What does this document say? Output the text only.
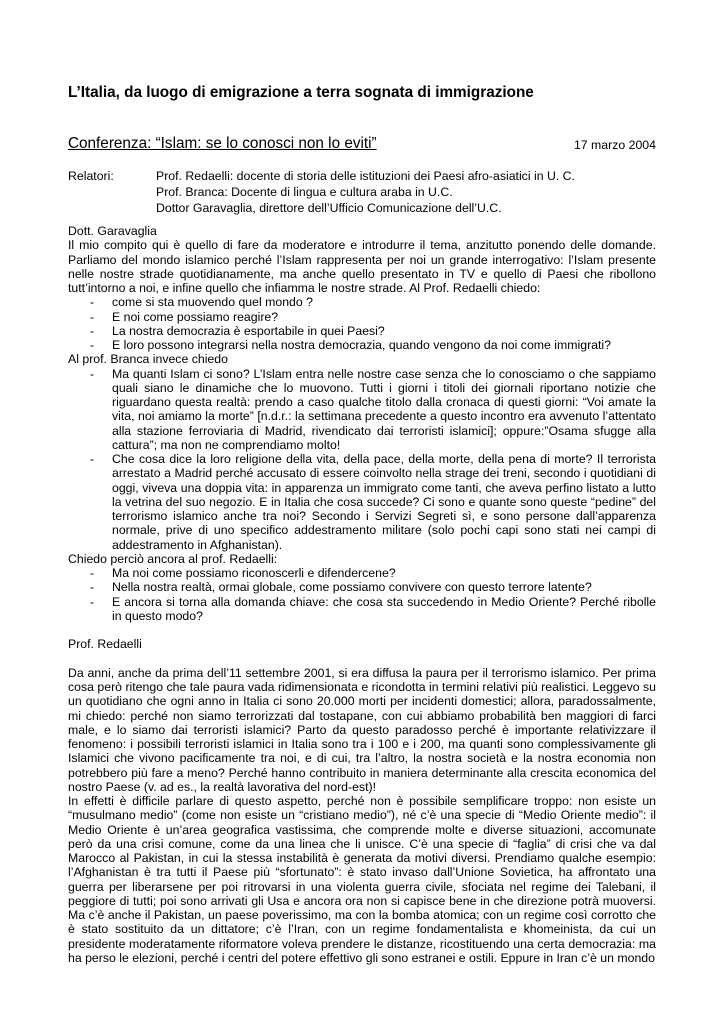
L’Italia, da luogo di emigrazione a terra sognata di immigrazione
Conferenza: “Islam: se lo conosci non lo eviti”	17 marzo 2004
Relatori:	Prof. Redaelli: docente di storia delle istituzioni dei Paesi afro-asiatici in U. C.
Prof. Branca: Docente di lingua e cultura araba in U.C.
Dottor Garavaglia, direttore dell’Ufficio Comunicazione dell’U.C.

Dott. Garavaglia

Il mio compito qui è quello di fare da moderatore e introdurre il tema, anzitutto ponendo delle domande. Parliamo del mondo islamico perché l’Islam rappresenta per noi un grande interrogativo: l’Islam presente nelle nostre strade quotidianamente, ma anche quello presentato in TV e quello di Paesi che ribollono tutt’intorno a noi, e infine quello che infiamma le nostre strade. Al Prof. Redaelli chiedo:

- come si sta muovendo quel mondo ?
- E noi come possiamo reagire?
- La nostra democrazia è esportabile in quei Paesi?
- E loro possono integrarsi nella nostra democrazia, quando vengono da noi come immigrati?

Al prof. Branca invece chiedo

- Ma quanti Islam ci sono? L’Islam entra nelle nostre case senza che lo conosciamo o che sappiamo quali siano le dinamiche che lo muovono. Tutti i giorni i titoli dei giornali riportano notizie che riguardano questa realtà: prendo a caso qualche titolo dalla cronaca di questi giorni: “Voi amate la vita, noi amiamo la morte” [n.d.r.: la settimana precedente a questo incontro era avvenuto l’attentato alla stazione ferroviaria di Madrid, rivendicato dai terroristi islamici]; oppure:”Osama sfugge alla cattura”; ma non ne comprendiamo molto!
- Che cosa dice la loro religione della vita, della pace, della morte, della pena di morte? Il terrorista arrestato a Madrid perché accusato di essere coinvolto nella strage dei treni, secondo i quotidiani di oggi, viveva una doppia vita: in apparenza un immigrato come tanti, che aveva perfino listato a lutto la vetrina del suo negozio. E in Italia che cosa succede? Ci sono e quante sono queste “pedine” del terrorismo islamico anche tra noi? Secondo i Servizi Segreti sì, e sono persone dall’apparenza normale, prive di uno specifico addestramento militare (solo pochi capi sono stati nei campi di addestramento in Afghanistan).

Chiedo perciò ancora al prof. Redaelli:

- Ma noi come possiamo riconoscerli e difendercene?
- Nella nostra realtà, ormai globale, come possiamo convivere con questo terrore latente?
- E ancora si torna alla domanda chiave: che cosa sta succedendo in Medio Oriente? Perché ribolle in questo modo?

Prof. Redaelli

Da anni, anche da prima dell’11 settembre 2001, si era diffusa la paura per il terrorismo islamico. Per prima cosa però ritengo che tale paura vada ridimensionata e ricondotta in termini relativi più realistici. Leggevo su un quotidiano che ogni anno in Italia ci sono 20.000 morti per incidenti domestici; allora, paradossalmente, mi chiedo: perché non siamo terrorizzati dal tostapane, con cui abbiamo probabilità ben maggiori di farci male, e lo siamo dai terroristi islamici? Parto da questo paradosso perché è importante relativizzare il fenomeno: i possibili terroristi islamici in Italia sono tra i 100 e i 200, ma quanti sono complessivamente gli Islamici che vivono pacificamente tra noi, e di cui, tra l’altro, la nostra società e la nostra economia non potrebbero più fare a meno? Perché hanno contribuito in maniera determinante alla crescita economica del nostro Paese (v. ad es., la realtà lavorativa del nord-est)!

In effetti è difficile parlare di questo aspetto, perché non è possibile semplificare troppo: non esiste un “musulmano medio” (come non esiste un “cristiano medio”), né c’è una specie di “Medio Oriente medio”: il Medio Oriente è un’area geografica vastissima, che comprende molte e diverse situazioni, accomunate però da una crisi comune, come da una linea che li unisce. C’è una specie di “faglia” di crisi che va dal Marocco al Pakistan, in cui la stessa instabilità è generata da motivi diversi. Prendiamo qualche esempio: l’Afghanistan è tra tutti il Paese più “sfortunato”: è stato invaso dall’Unione Sovietica, ha affrontato una guerra per liberarsene per poi ritrovarsi in una violenta guerra civile, sfociata nel regime dei Talebani, il peggiore di tutti; poi sono arrivati gli Usa e ancora ora non si capisce bene in che direzione potrà muoversi. Ma c’è anche il Pakistan, un paese poverissimo, ma con la bomba atomica; con un regime così corrotto che è stato sostituito da un dittatore; c’è l’Iran, con un regime fondamentalista e khomeinista, da cui un presidente moderatamente riformatore voleva prendere le distanze, ricostituendo una certa democrazia: ma ha perso le elezioni, perché i centri del potere effettivo gli sono estranei e ostili. Eppure in Iran c’è un mondo
